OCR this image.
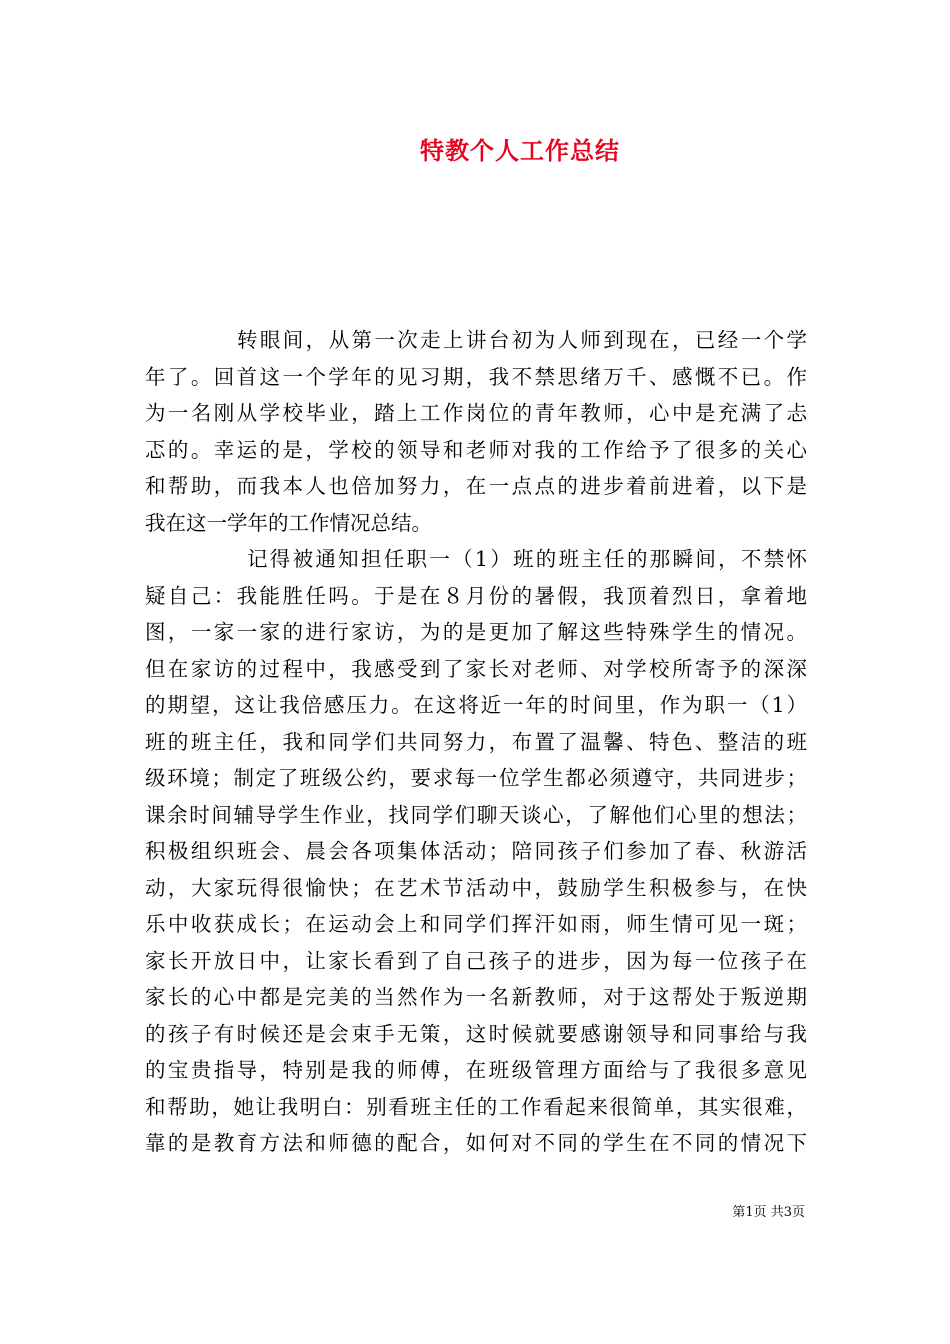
特教个人工作总结
转眼间，从第一次走上讲台初为人师到现在，已经一个学
年了。回首这一个学年的见习期，我不禁思绪万千、感慨不已。作
为一名刚从学校毕业，踏上工作岗位的青年教师，心中是充满了忐
忑的。幸运的是，学校的领导和老师对我的工作给予了很多的关心
和帮助，而我本人也倍加努力，在一点点的进步着前进着，以下是
我在这一学年的工作情况总结。
记得被通知担任职一（1）班的班主任的那瞬间，不禁怀
疑自己：我能胜任吗。于是在８月份的暑假，我顶着烈日，拿着地
图，一家一家的进行家访，为的是更加了解这些特殊学生的情况。
但在家访的过程中，我感受到了家长对老师、对学校所寄予的深深
的期望，这让我倍感压力。在这将近一年的时间里，作为职一（1）
班的班主任，我和同学们共同努力，布置了温馨、特色、整洁的班
级环境；制定了班级公约，要求每一位学生都必须遵守，共同进步；
课余时间辅导学生作业，找同学们聊天谈心，了解他们心里的想法；
积极组织班会、晨会各项集体活动；陪同孩子们参加了春、秋游活
动，大家玩得很愉快；在艺术节活动中，鼓励学生积极参与，在快
乐中收获成长；在运动会上和同学们挥汗如雨，师生情可见一斑；
家长开放日中，让家长看到了自己孩子的进步，因为每一位孩子在
家长的心中都是完美的当然作为一名新教师，对于这帮处于叛逆期
的孩子有时候还是会束手无策，这时候就要感谢领导和同事给与我
的宝贵指导，特别是我的师傅，在班级管理方面给与了我很多意见
和帮助，她让我明白：别看班主任的工作看起来很简单，其实很难，
靠的是教育方法和师德的配合，如何对不同的学生在不同的情况下
第1页 共3页
